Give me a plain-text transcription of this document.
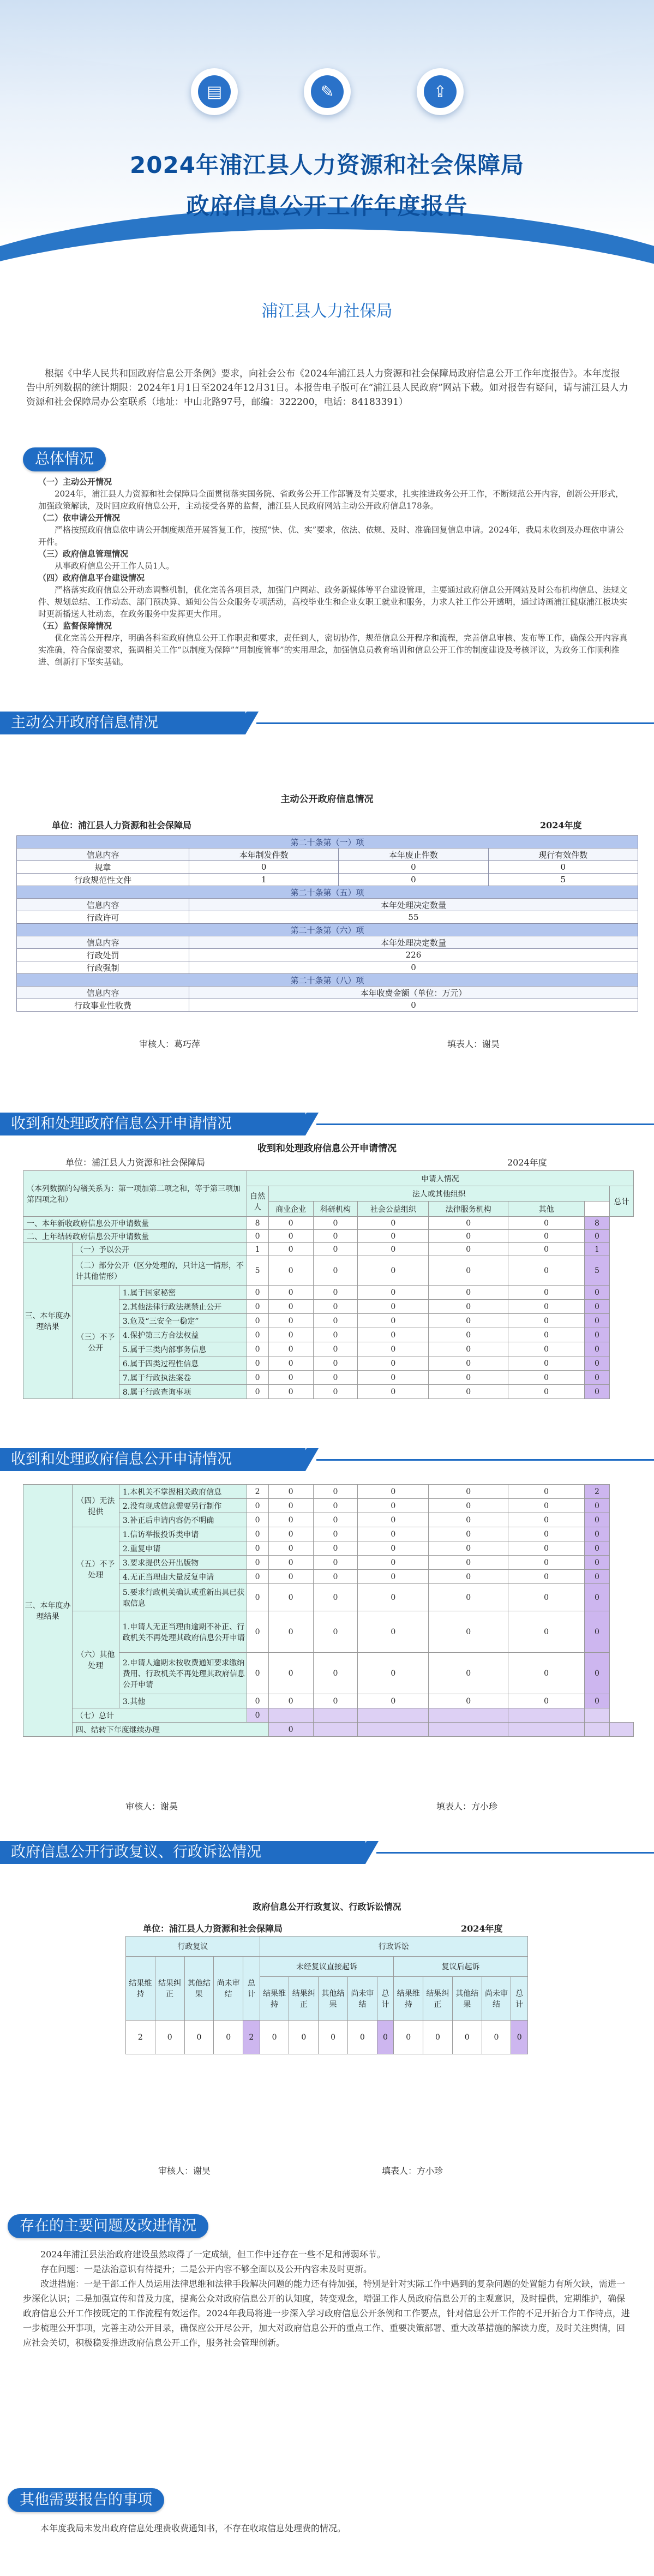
▤	✎	⇪
2024年浦江县人力资源和社会保障局
政府信息公开工作年度报告
浦江县人力社保局
根据《中华人民共和国政府信息公开条例》要求，向社会公布《2024年浦江县人力资源和社会保障局政府信息公开工作年度报告》。本年度报告中所列数据的统计期限：2024年1月1日至2024年12月31日。本报告电子版可在“浦江县人民政府”网站下载。如对报告有疑问，请与浦江县人力资源和社会保障局办公室联系（地址：中山北路97号，邮编：322200，电话：84183391）
总体情况
（一）主动公开情况

2024年，浦江县人力资源和社会保障局全面贯彻落实国务院、省政务公开工作部署及有关要求，扎实推进政务公开工作，不断规范公开内容，创新公开形式，加强政策解读，及时回应政府信息公开，主动接受各界的监督，浦江县人民政府网站主动公开政府信息178条。

（二）依申请公开情况

严格按照政府信息依申请公开制度规范开展答复工作，按照“快、优、实”要求，依法、依规、及时、准确回复信息申请。2024年，我局未收到及办理依申请公开件。

（三）政府信息管理情况

从事政府信息公开工作人员1人。

（四）政府信息平台建设情况

严格落实政府信息公开动态调整机制，优化完善各项目录，加强门户网站、政务新媒体等平台建设管理，主要通过政府信息公开网站及时公布机构信息、法规文件、规划总结、工作动态、部门预决算、通知公告公众服务专项活动，高校毕业生和企业女职工就业和服务，力求人社工作公开透明，通过诗画浦江健康浦江板块实时更新播送人社动态，在政务服务中发挥更大作用。

（五）监督保障情况

优化完善公开程序，明确各科室政府信息公开工作职责和要求，责任到人，密切协作，规范信息公开程序和流程，完善信息审核、发布等工作，确保公开内容真实准确，符合保密要求，强调相关工作“以制度为保障”“用制度管事”的实用理念，加强信息员教育培训和信息公开工作的制度建设及考核评议，为政务工作顺利推进、创新打下坚实基础。

主动公开政府信息情况
主动公开政府信息情况
单位：浦江县人力资源和社会保障局	2024年度
第二十条第（一）项			
信息内容	本年制发件数	本年废止件数	现行有效件数
规章	0	0	0
行政规范性文件	1	0	5
第二十条第（五）项			
信息内容	本年处理决定数量		
行政许可	55		
第二十条第（六）项			
信息内容	本年处理决定数量		
行政处罚	226		
行政强制	0		
第二十条第（八）项			
信息内容	本年收费金额（单位：万元）		
行政事业性收费	0		
审核人：葛巧萍	填表人：谢昊
收到和处理政府信息公开申请情况
收到和处理政府信息公开申请情况
单位：浦江县人力资源和社会保障局	2024年度
（本列数据的勾稽关系为：第一项加第二项之和，等于第三项加第四项之和）			申请人情况							
			自然人	法人或其他组织						总计
				商业企业	科研机构	社会公益组织	法律服务机构	其他		
一、本年新收政府信息公开申请数量			8	0	0	0	0	0	8	
二、上年结转政府信息公开申请数量			0	0	0	0	0	0	0	
三、本年度办理结果	（一）予以公开		1	0	0	0	0	0	1	
	（二）部分公开（区分处理的，只计这一情形，不计其他情形）		5	0	0	0	0	0	5	
	（三）不予公开	1.属于国家秘密	0	0	0	0	0	0	0	
		2.其他法律行政法规禁止公开	0	0	0	0	0	0	0	
		3.危及“三安全一稳定”	0	0	0	0	0	0	0	
		4.保护第三方合法权益	0	0	0	0	0	0	0	
		5.属于三类内部事务信息	0	0	0	0	0	0	0	
		6.属于四类过程性信息	0	0	0	0	0	0	0	
		7.属于行政执法案卷	0	0	0	0	0	0	0	
		8.属于行政查询事项	0	0	0	0	0	0	0	
收到和处理政府信息公开申请情况
三、本年度办理结果	（四）无法提供	1.本机关不掌握相关政府信息	2	0	0	0	0	0	2	
		2.没有现成信息需要另行制作	0	0	0	0	0	0	0	
		3.补正后申请内容仍不明确	0	0	0	0	0	0	0	
	（五）不予处理	1.信访举报投诉类申请	0	0	0	0	0	0	0	
		2.重复申请	0	0	0	0	0	0	0	
		3.要求提供公开出版物	0	0	0	0	0	0	0	
		4.无正当理由大量反复申请	0	0	0	0	0	0	0	
		5.要求行政机关确认或重新出具已获取信息	0	0	0	0	0	0	0	
	（六）其他处理	1.申请人无正当理由逾期不补正、行政机关不再处理其政府信息公开申请	0	0	0	0	0	0	0	
		2.申请人逾期未按收费通知要求缴纳费用、行政机关不再处理其政府信息公开申请	0	0	0	0	0	0	0	
		3.其他	0	0	0	0	0	0	0	
	（七）总计		0							
	四、结转下年度继续办理			0						
审核人：谢昊	填表人：方小珍
政府信息公开行政复议、行政诉讼情况
政府信息公开行政复议、行政诉讼情况
单位：浦江县人力资源和社会保障局	2024年度
行政复议					行政诉讼									
结果维持	结果纠正	其他结果	尚未审结	总计	未经复议直接起诉					复议后起诉				
					结果维持	结果纠正	其他结果	尚未审结	总计	结果维持	结果纠正	其他结果	尚未审结	总计
2	0	0	0	2	0	0	0	0	0	0	0	0	0	0
审核人：谢昊	填表人：方小珍
存在的主要问题及改进情况

2024年浦江县法治政府建设虽然取得了一定成绩，但工作中还存在一些不足和薄弱环节。

存在问题：一是法治意识有待提升；二是公开内容不够全面以及公开内容未及时更新。

改进措施：一是干部工作人员运用法律思维和法律手段解决问题的能力还有待加强，特别是针对实际工作中遇到的复杂问题的处置能力有所欠缺，需进一步深化认识；二是加强宣传和普及力度，提高公众对政府信息公开的认知度，转变观念，增强工作人员政府信息公开的主观意识，及时提供，定期维护，确保政府信息公开工作按既定的工作流程有效运作。2024年我局将进一步深入学习政府信息公开条例和工作要点，针对信息公开工作的不足开拓合力工作特点，进一步梳理公开事项，完善主动公开目录，确保应公开尽公开，加大对政府信息公开的重点工作、重要决策部署、重大改革措施的解读力度，及时关注舆情，回应社会关切，积极稳妥推进政府信息公开工作，服务社会管理创新。

其他需要报告的事项

本年度我局未发出政府信息处理费收费通知书，不存在收取信息处理费的情况。
